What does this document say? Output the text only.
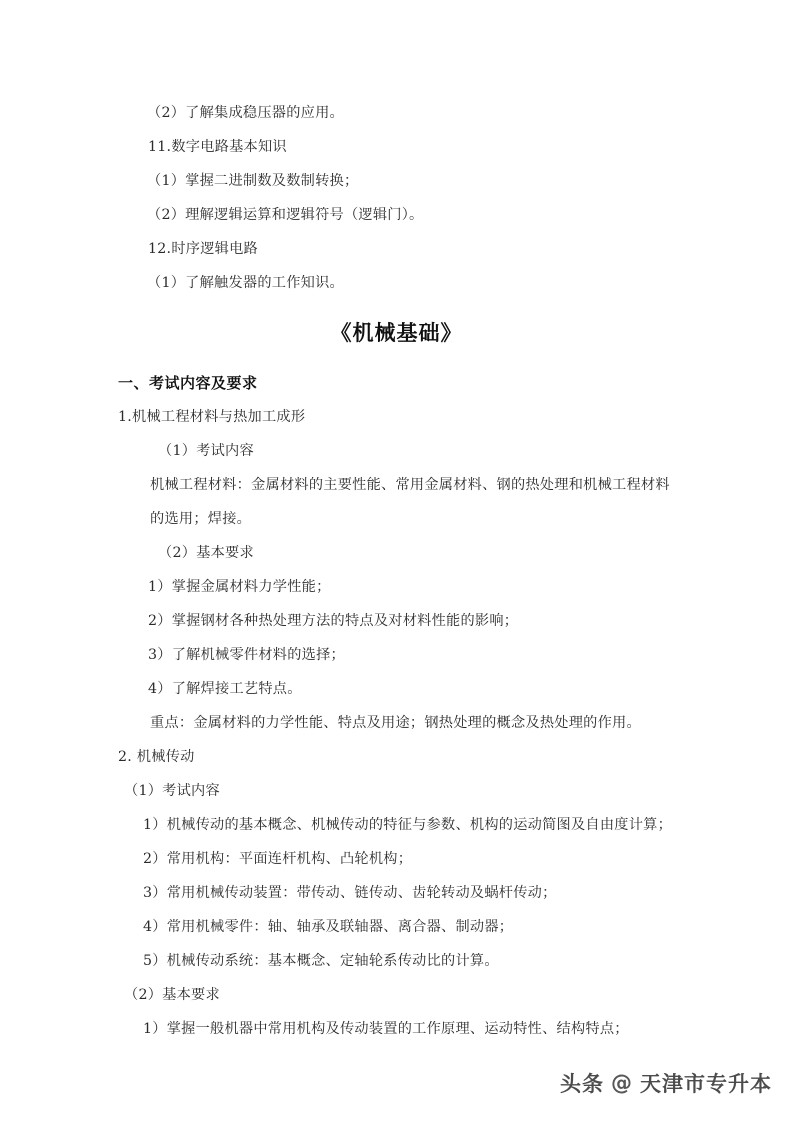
（2）了解集成稳压器的应用。

11.数字电路基本知识

（1）掌握二进制数及数制转换；

（2）理解逻辑运算和逻辑符号（逻辑门）。

12.时序逻辑电路

（1）了解触发器的工作知识。

《机械基础》
一、考试内容及要求

1.机械工程材料与热加工成形

（1）考试内容

机械工程材料：金属材料的主要性能、常用金属材料、钢的热处理和机械工程材料的选用；焊接。

（2）基本要求

1）掌握金属材料力学性能；

2）掌握钢材各种热处理方法的特点及对材料性能的影响；

3）了解机械零件材料的选择；

4）了解焊接工艺特点。

重点：金属材料的力学性能、特点及用途；钢热处理的概念及热处理的作用。

2. 机械传动

（1）考试内容

1）机械传动的基本概念、机械传动的特征与参数、机构的运动简图及自由度计算；

2）常用机构：平面连杆机构、凸轮机构；

3）常用机械传动装置：带传动、链传动、齿轮转动及蜗杆传动；

4）常用机械零件：轴、轴承及联轴器、离合器、制动器；

5）机械传动系统：基本概念、定轴轮系传动比的计算。

（2）基本要求

1）掌握一般机器中常用机构及传动装置的工作原理、运动特性、结构特点；

头条 @ 天津市专升本
